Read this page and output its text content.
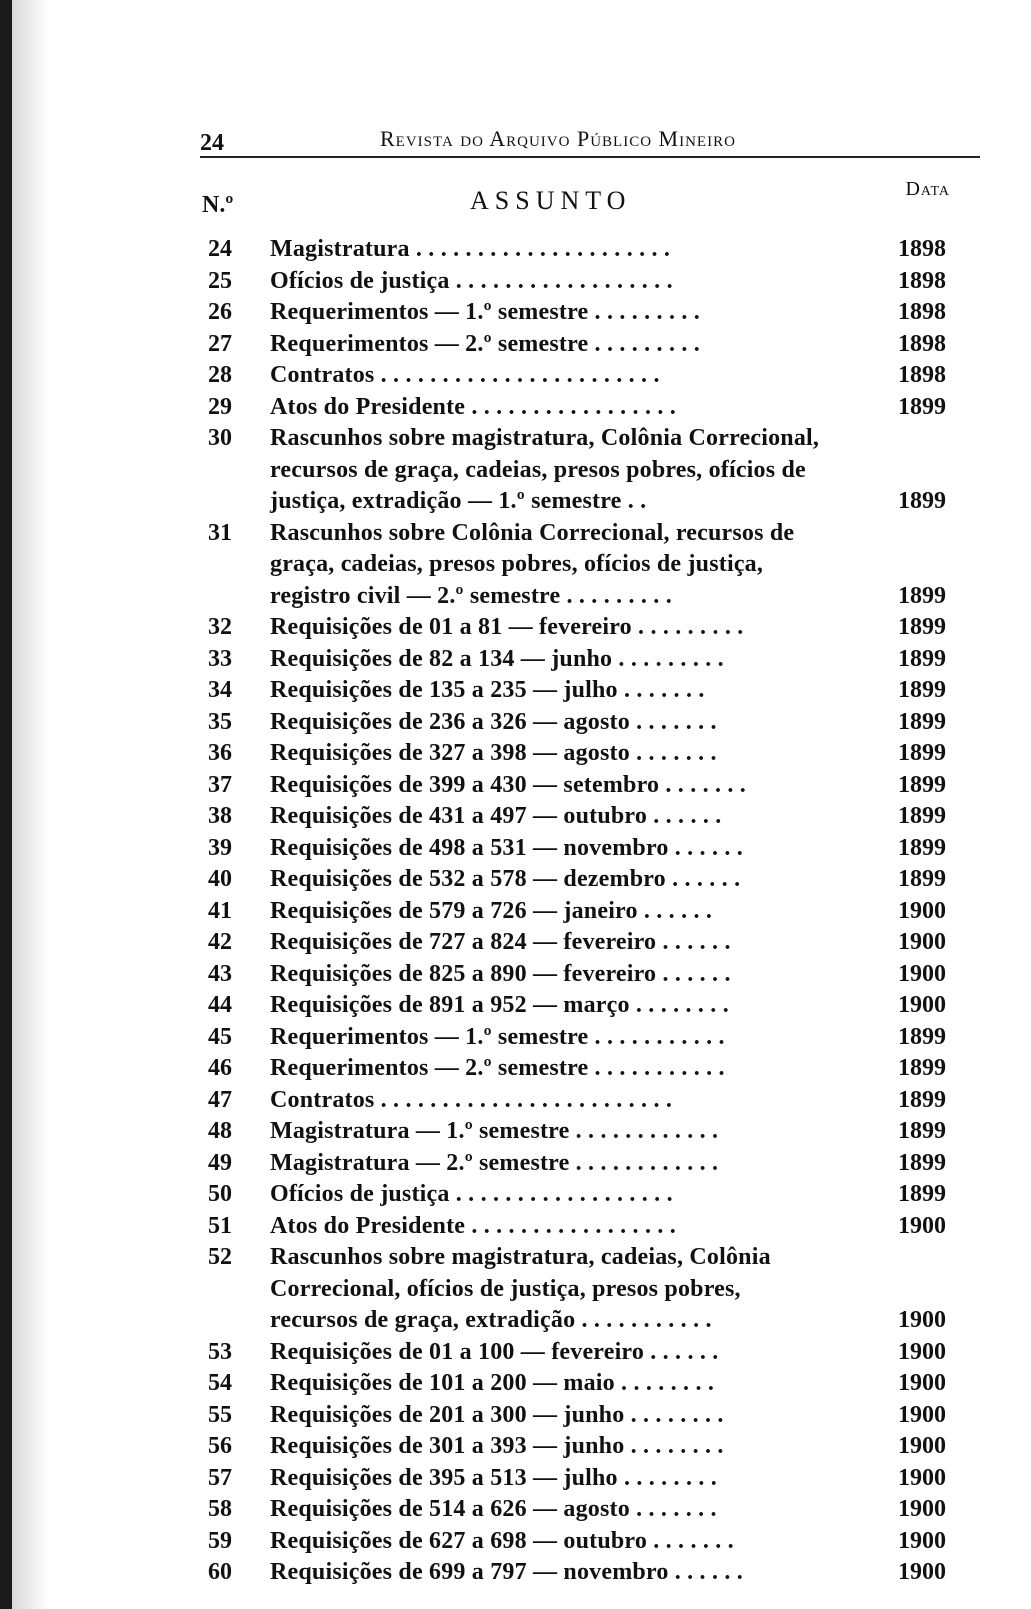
24	Revista do Arquivo Público Mineiro
N.º	ASSUNTO	Data
24	Magistratura . . . . . . . . . . . . . . . . . . . . .	1898
25	Ofícios de justiça . . . . . . . . . . . . . . . . . .	1898
26	Requerimentos — 1.º semestre . . . . . . . . .	1898
27	Requerimentos — 2.º semestre . . . . . . . . .	1898
28	Contratos . . . . . . . . . . . . . . . . . . . . . . .	1898
29	Atos do Presidente . . . . . . . . . . . . . . . . .	1899
30	Rascunhos sobre magistratura, Colônia Correcional, recursos de graça, cadeias, presos pobres, ofícios de justiça, extradição — 1.º semestre . .	1899
31	Rascunhos sobre Colônia Correcional, recursos de graça, cadeias, presos pobres, ofícios de justiça, registro civil — 2.º semestre . . . . . . . . .	1899
32	Requisições de 01 a 81 — fevereiro . . . . . . . . .	1899
33	Requisições de 82 a 134 — junho . . . . . . . . .	1899
34	Requisições de 135 a 235 — julho . . . . . . .	1899
35	Requisições de 236 a 326 — agosto . . . . . . .	1899
36	Requisições de 327 a 398 — agosto . . . . . . .	1899
37	Requisições de 399 a 430 — setembro . . . . . . .	1899
38	Requisições de 431 a 497 — outubro . . . . . .	1899
39	Requisições de 498 a 531 — novembro . . . . . .	1899
40	Requisições de 532 a 578 — dezembro . . . . . .	1899
41	Requisições de 579 a 726 — janeiro . . . . . .	1900
42	Requisições de 727 a 824 — fevereiro . . . . . .	1900
43	Requisições de 825 a 890 — fevereiro . . . . . .	1900
44	Requisições de 891 a 952 — março . . . . . . . .	1900
45	Requerimentos — 1.º semestre . . . . . . . . . . .	1899
46	Requerimentos — 2.º semestre . . . . . . . . . . .	1899
47	Contratos . . . . . . . . . . . . . . . . . . . . . . . .	1899
48	Magistratura — 1.º semestre . . . . . . . . . . . .	1899
49	Magistratura — 2.º semestre . . . . . . . . . . . .	1899
50	Ofícios de justiça . . . . . . . . . . . . . . . . . .	1899
51	Atos do Presidente . . . . . . . . . . . . . . . . .	1900
52	Rascunhos sobre magistratura, cadeias, Colônia Correcional, ofícios de justiça, presos pobres, recursos de graça, extradição . . . . . . . . . . .	1900
53	Requisições de 01 a 100 — fevereiro . . . . . .	1900
54	Requisições de 101 a 200 — maio . . . . . . . .	1900
55	Requisições de 201 a 300 — junho . . . . . . . .	1900
56	Requisições de 301 a 393 — junho . . . . . . . .	1900
57	Requisições de 395 a 513 — julho . . . . . . . .	1900
58	Requisições de 514 a 626 — agosto . . . . . . .	1900
59	Requisições de 627 a 698 — outubro . . . . . . .	1900
60	Requisições de 699 a 797 — novembro . . . . . .	1900
